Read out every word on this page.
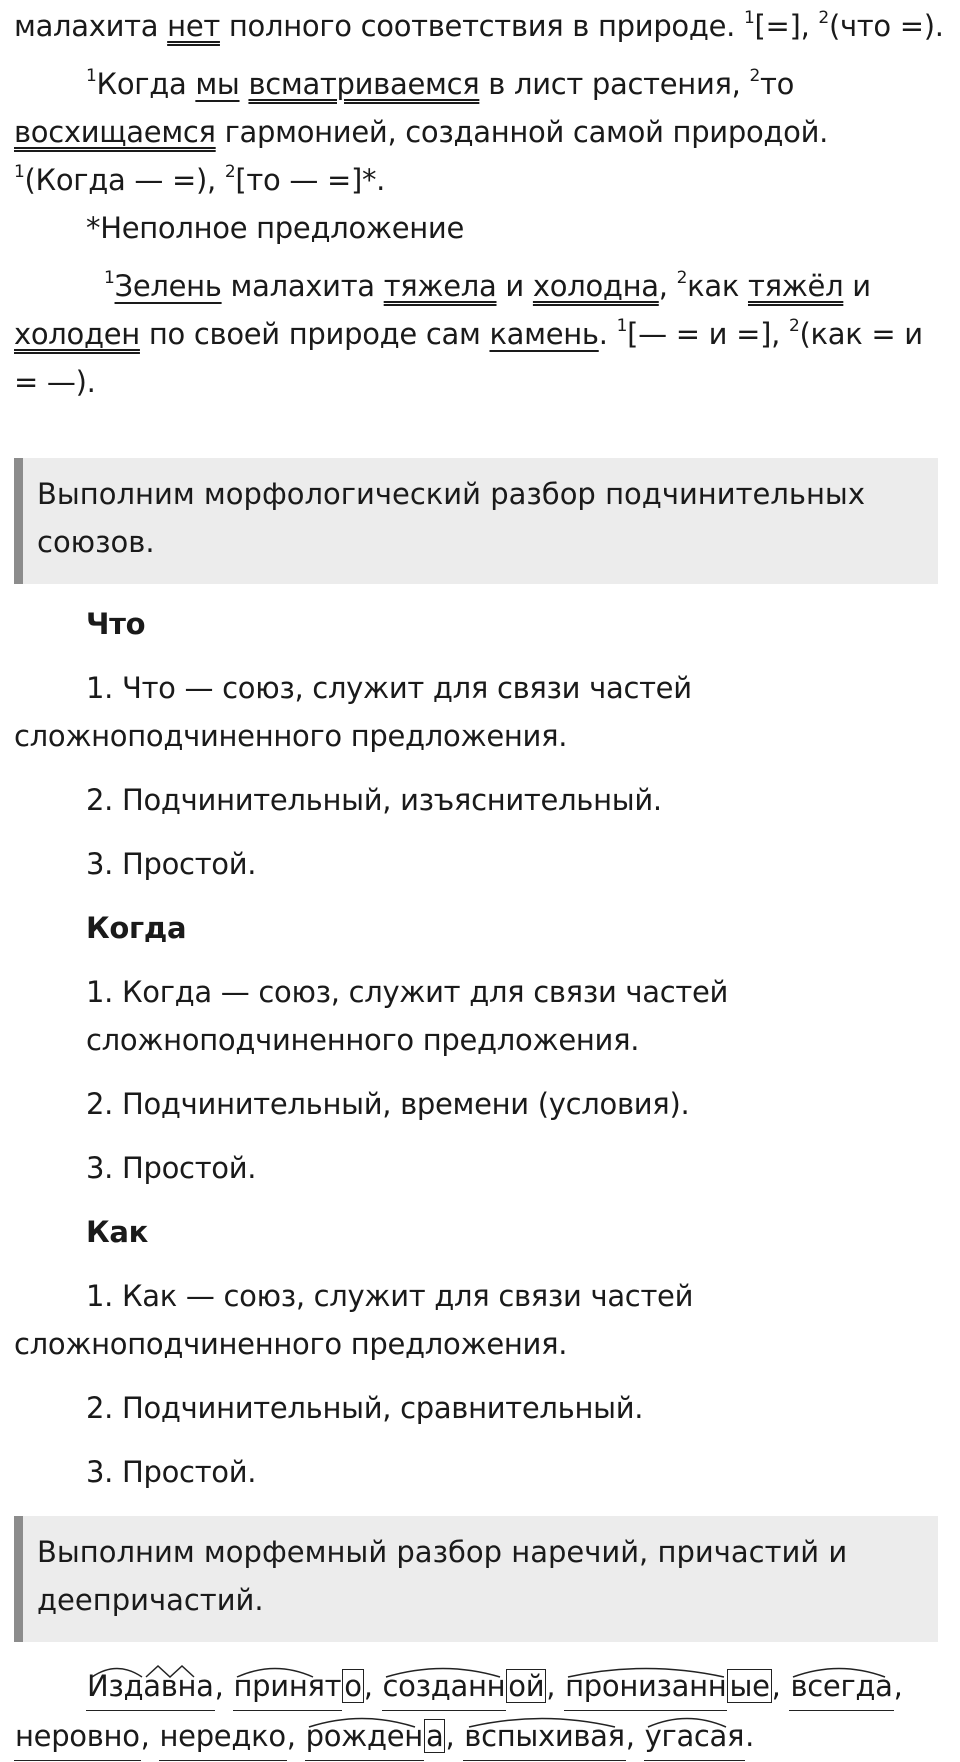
малахита нет полного соответствия в природе. $^1$[=], $^2$(что =).

$^1$Когда мы всматриваемся в лист растения, $^2$то восхищаемся гармонией, созданной самой природой. $^1$(Когда — =), $^2$[то — =]*.

*Неполное предложение

$^1$Зелень малахита тяжела и холодна, $^2$как тяжёл и холоден по своей природе сам камень. $^1$[— = и =], $^2$(как = и = —).

Выполним морфологический разбор подчинительных союзов.

Что

1. Что — союз, служит для связи частей сложноподчиненного предложения.

2. Подчинительный, изъяснительный.

3. Простой.

Когда

1. Когда — союз, служит для связи частей

сложноподчиненного предложения.

2. Подчинительный, времени (условия).

3. Простой.

Как

1. Как — союз, служит для связи частей сложноподчиненного предложения.

2. Подчинительный, сравнительный.

3. Простой.

Выполним морфемный разбор наречий, причастий и деепричастий.

Издавна, принят о, созданн ой, пронизанн ые, всегда,

неровно, нередко, рожден а, вспыхивая, угасая.
